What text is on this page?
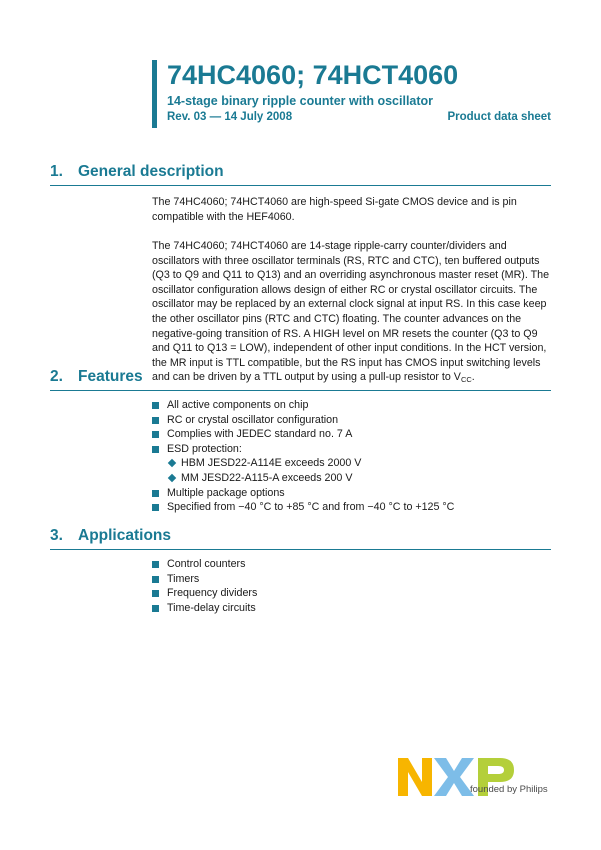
74HC4060; 74HCT4060
14-stage binary ripple counter with oscillator
Rev. 03 — 14 July 2008	Product data sheet
1. General description

The 74HC4060; 74HCT4060 are high-speed Si-gate CMOS device and is pin compatible with the HEF4060.

The 74HC4060; 74HCT4060 are 14-stage ripple-carry counter/dividers and oscillators with three oscillator terminals (RS, RTC and CTC), ten buffered outputs (Q3 to Q9 and Q11 to Q13) and an overriding asynchronous master reset (MR). The oscillator configuration allows design of either RC or crystal oscillator circuits. The oscillator may be replaced by an external clock signal at input RS. In this case keep the other oscillator pins (RTC and CTC) floating. The counter advances on the negative-going transition of RS. A HIGH level on MR resets the counter (Q3 to Q9 and Q11 to Q13 = LOW), independent of other input conditions. In the HCT version, the MR input is TTL compatible, but the RS input has CMOS input switching levels and can be driven by a TTL output by using a pull-up resistor to $V_{CC}$.

2. Features
All active components on chip
RC or crystal oscillator configuration
Complies with JEDEC standard no. 7 A
ESD protection:
HBM JESD22-A114E exceeds 2000 V
MM JESD22-A115-A exceeds 200 V
Multiple package options
Specified from −40 °C to +85 °C and from −40 °C to +125 °C
3. Applications
Control counters
Timers
Frequency dividers
Time-delay circuits
founded by Philips
